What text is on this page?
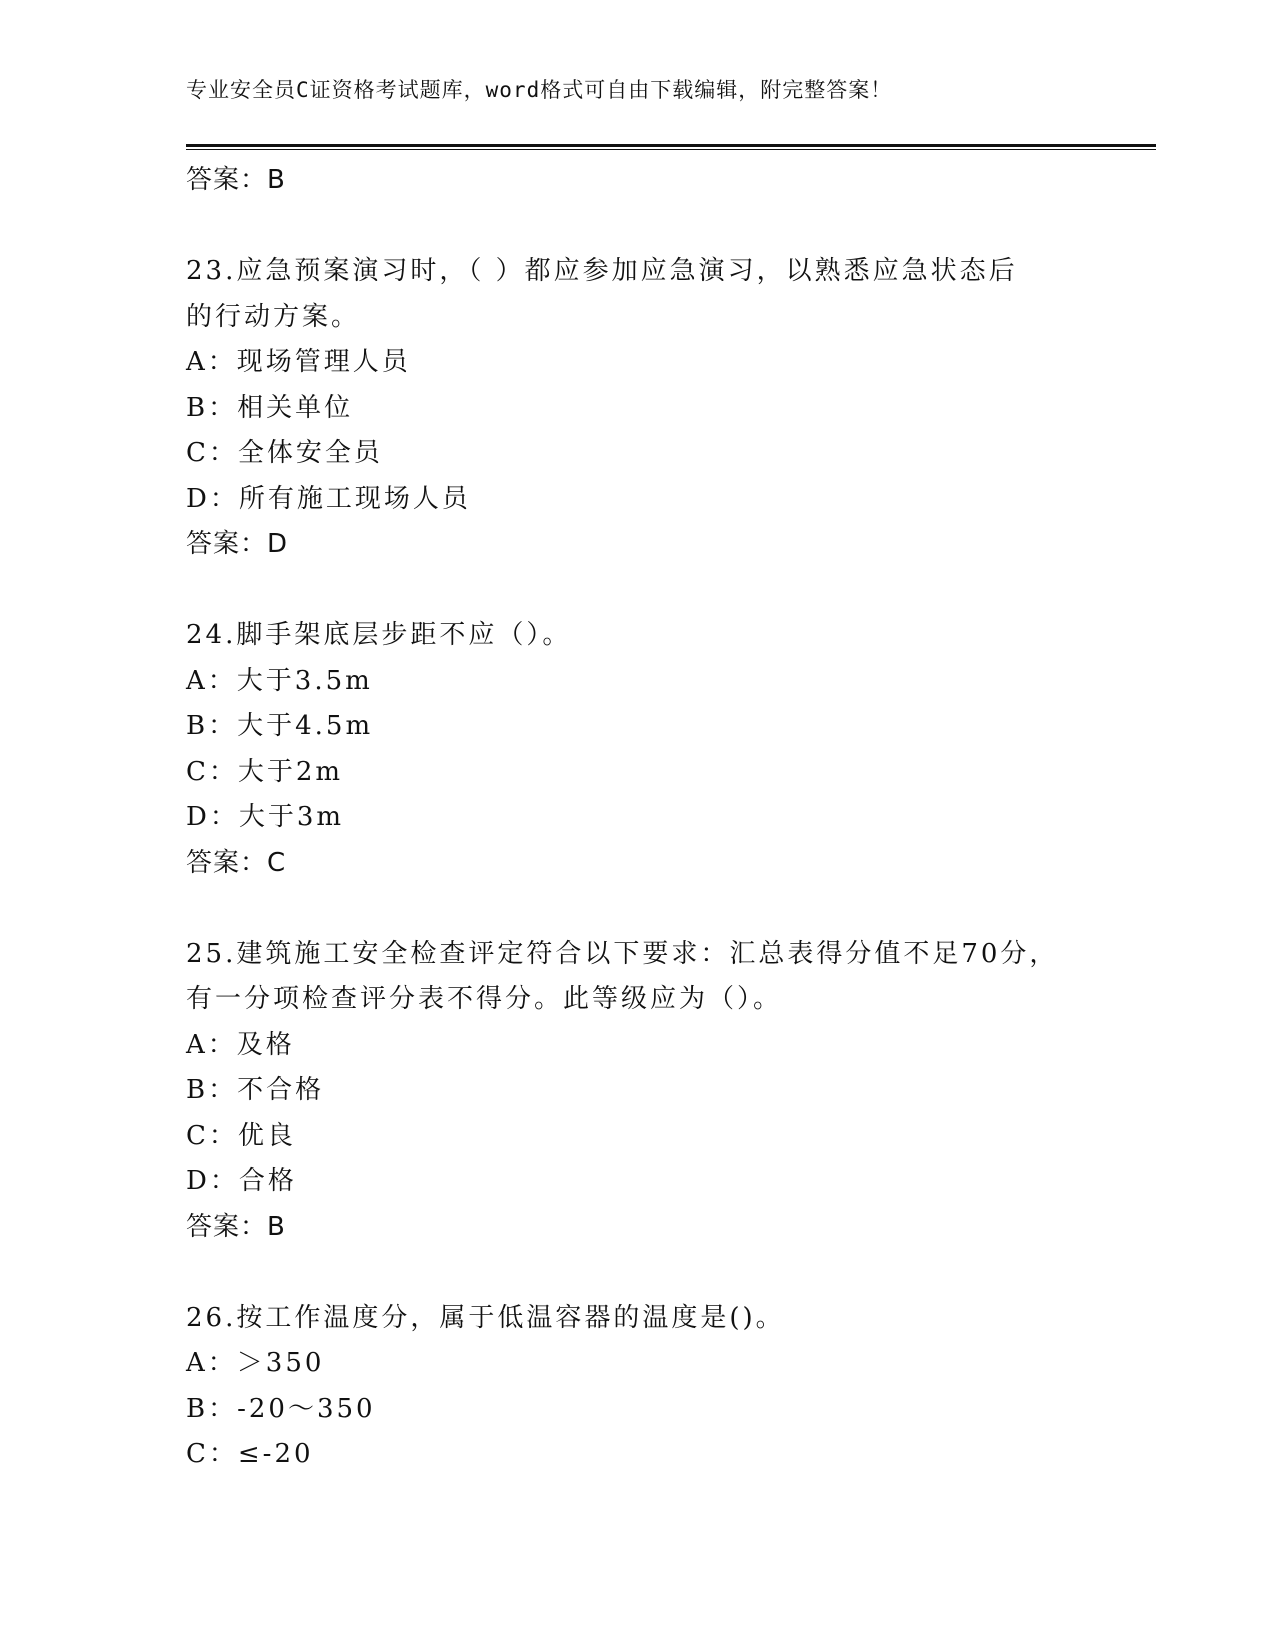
专业安全员C证资格考试题库，word格式可自由下载编辑，附完整答案！
答案：B
23.应急预案演习时，（ ）都应参加应急演习，以熟悉应急状态后
的行动方案。
A：现场管理人员
B：相关单位
C：全体安全员
D：所有施工现场人员
答案：D
24.脚手架底层步距不应（）。
A：大于3.5m
B：大于4.5m
C：大于2m
D：大于3m
答案：C
25.建筑施工安全检查评定符合以下要求：汇总表得分值不足70分，
有一分项检查评分表不得分。此等级应为（）。
A：及格
B：不合格
C：优良
D：合格
答案：B
26.按工作温度分，属于低温容器的温度是()。
A：＞350
B：-20～350
C：≤-20
